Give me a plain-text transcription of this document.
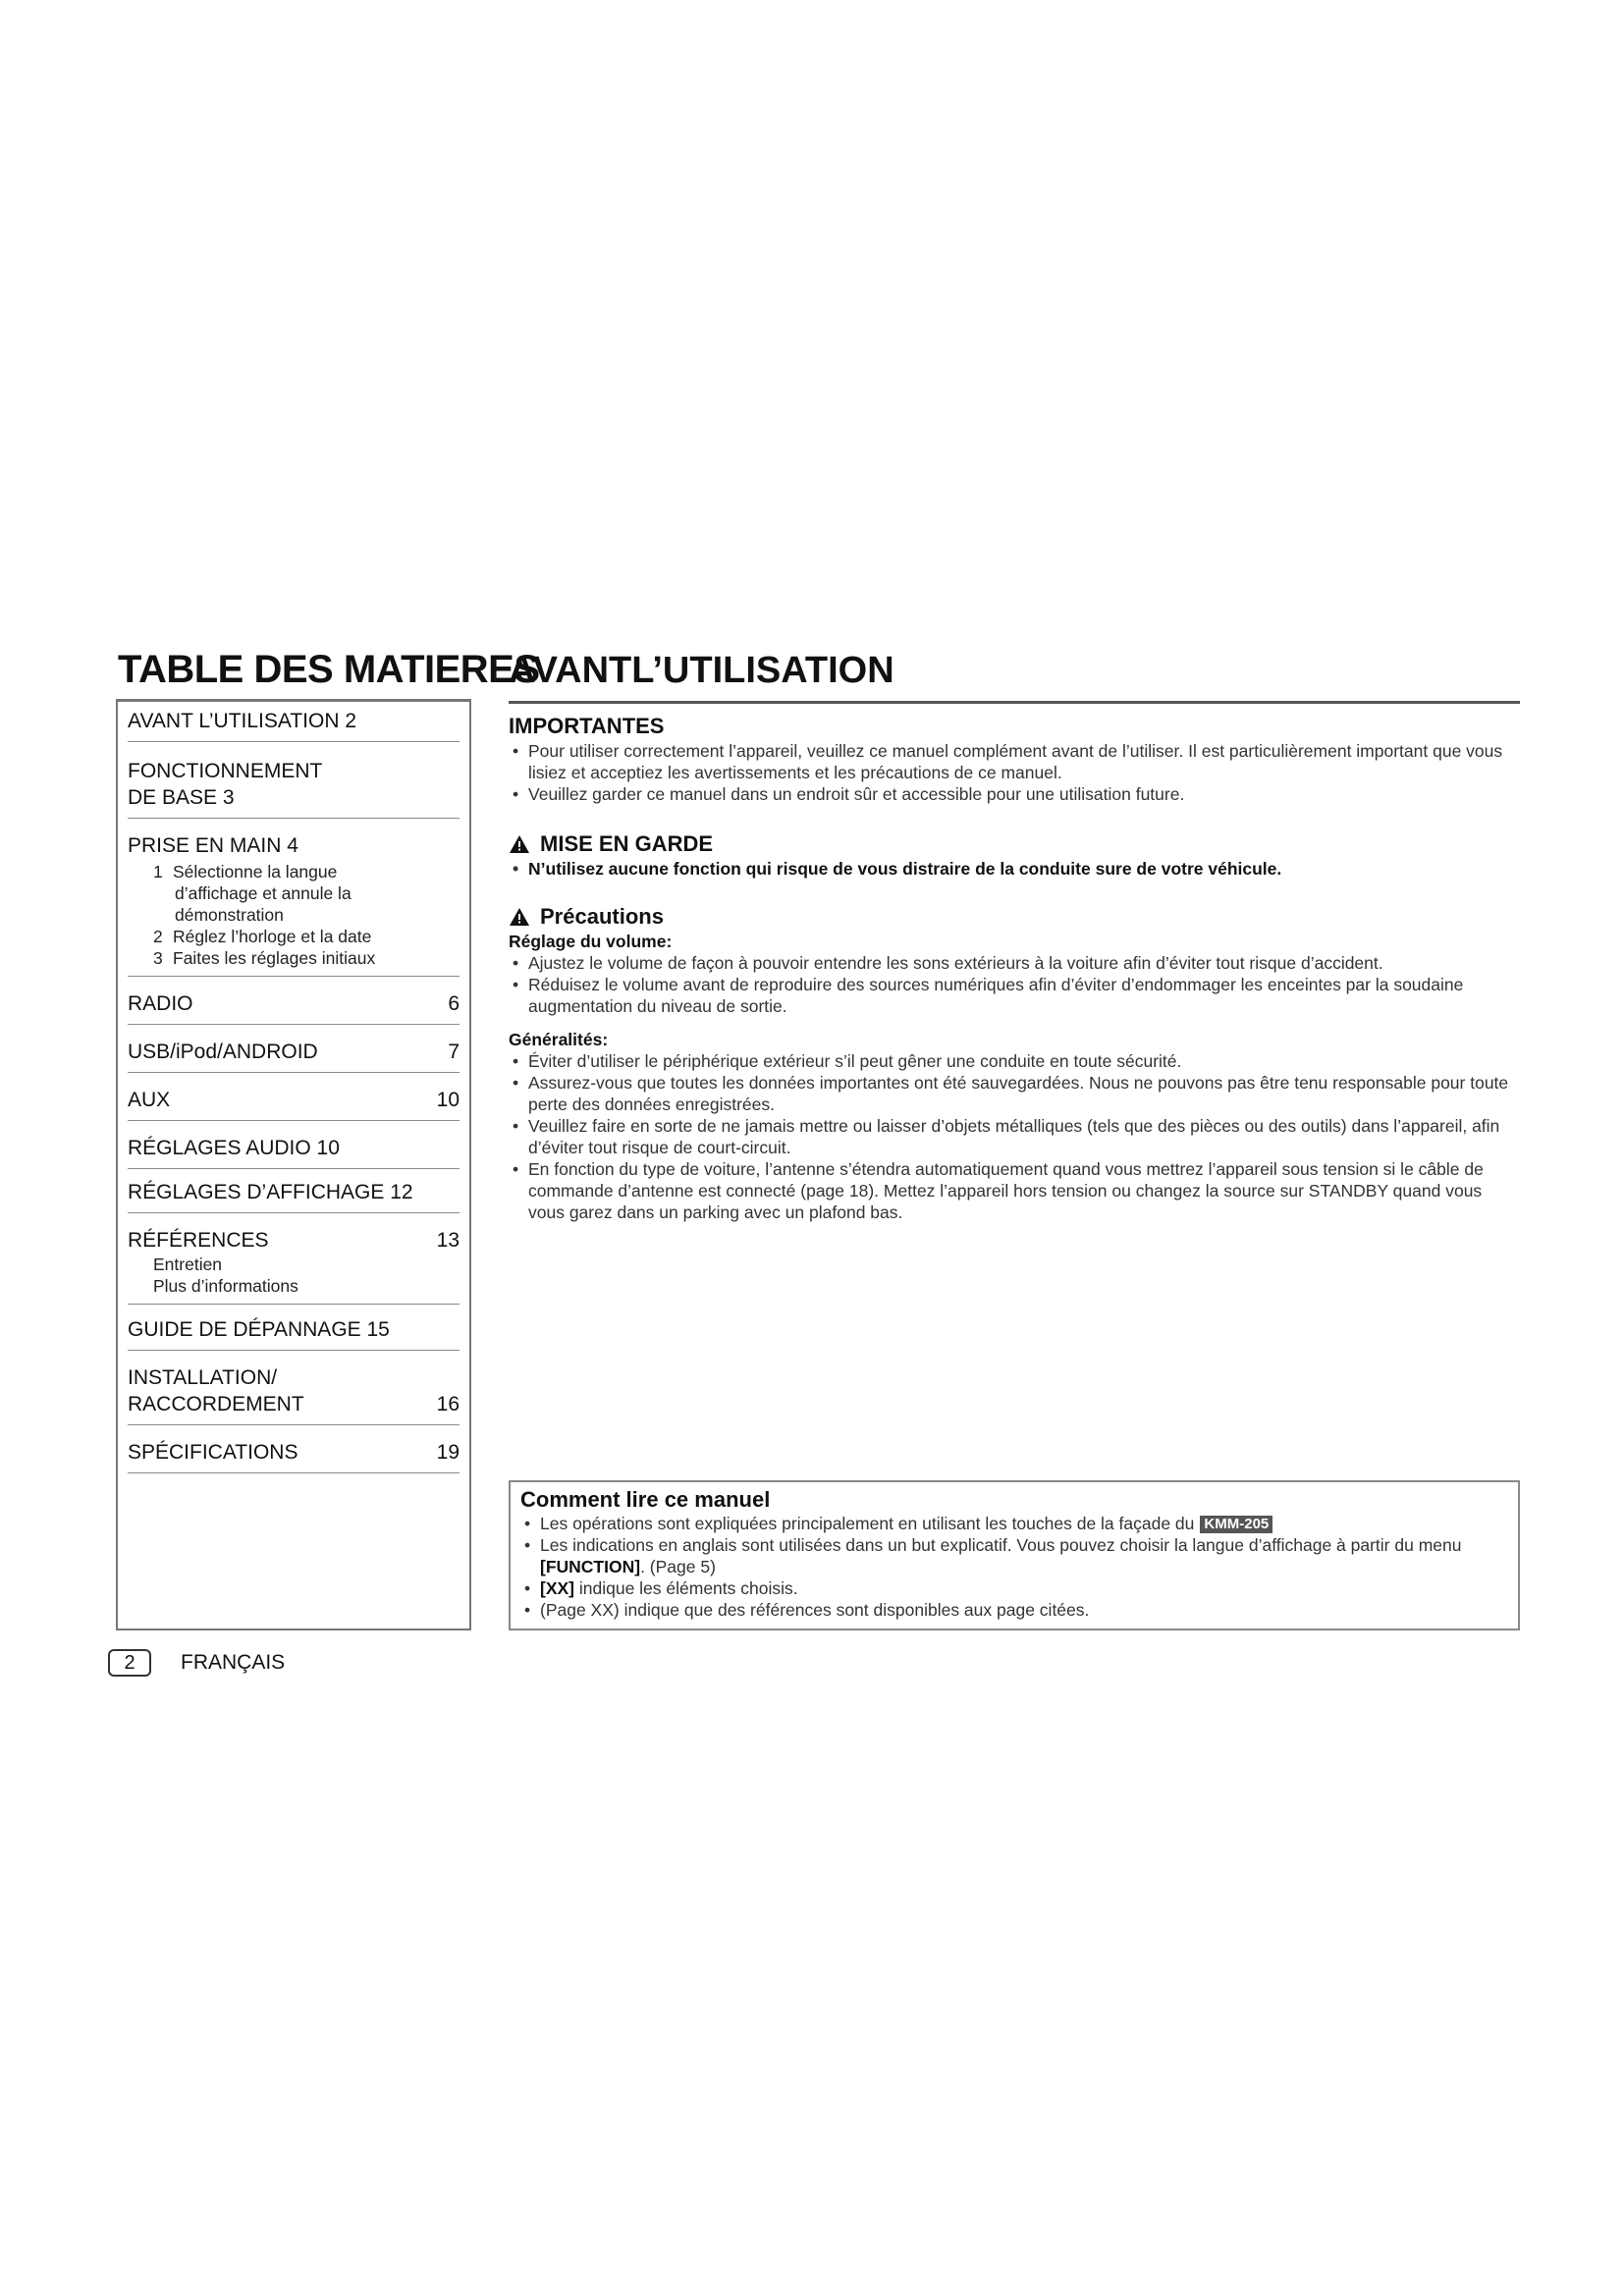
TABLE DES MATIERES
AVANT L’UTILISATION 2
FONCTIONNEMENT
DE BASE 3
PRISE EN MAIN 4
1 Sélectionne la langue
d’affichage et annule la
démonstration
2 Réglez l’horloge et la date
3 Faites les réglages initiaux
RADIO	6
USB/iPod/ANDROID	7
AUX	10
RÉGLAGES AUDIO 10
RÉGLAGES D’AFFICHAGE 12
RÉFÉRENCES	13
Entretien
Plus d’informations
GUIDE DE DÉPANNAGE 15
INSTALLATION/
RACCORDEMENT	16
SPÉCIFICATIONS	19
AVANTL’UTILISATION
IMPORTANTES
• Pour utiliser correctement l’appareil, veuillez ce manuel complément avant de l’utiliser. Il est particulièrement important que vous lisiez et acceptiez les avertissements et les précautions de ce manuel.
• Veuillez garder ce manuel dans un endroit sûr et accessible pour une utilisation future.
MISE EN GARDE
• N’utilisez aucune fonction qui risque de vous distraire de la conduite sure de votre véhicule.
Précautions
Réglage du volume:
• Ajustez le volume de façon à pouvoir entendre les sons extérieurs à la voiture afin d’éviter tout risque d’accident.
• Réduisez le volume avant de reproduire des sources numériques afin d’éviter d’endommager les enceintes par la soudaine augmentation du niveau de sortie.
Généralités:
• Éviter d’utiliser le périphérique extérieur s’il peut gêner une conduite en toute sécurité.
• Assurez-vous que toutes les données importantes ont été sauvegardées. Nous ne pouvons pas être tenu responsable pour toute perte des données enregistrées.
• Veuillez faire en sorte de ne jamais mettre ou laisser d’objets métalliques (tels que des pièces ou des outils) dans l’appareil, afin d’éviter tout risque de court-circuit.
• En fonction du type de voiture, l’antenne s’étendra automatiquement quand vous mettrez l’appareil sous tension si le câble de commande d’antenne est connecté (page 18). Mettez l’appareil hors tension ou changez la source sur STANDBY quand vous vous garez dans un parking avec un plafond bas.
Comment lire ce manuel
• Les opérations sont expliquées principalement en utilisant les touches de la façade du KMM-205
• Les indications en anglais sont utilisées dans un but explicatif. Vous pouvez choisir la langue d’affichage à partir du menu [FUNCTION]. (Page 5)
• [XX] indique les éléments choisis.
• (Page XX) indique que des références sont disponibles aux page citées.
2	FRANÇAIS
